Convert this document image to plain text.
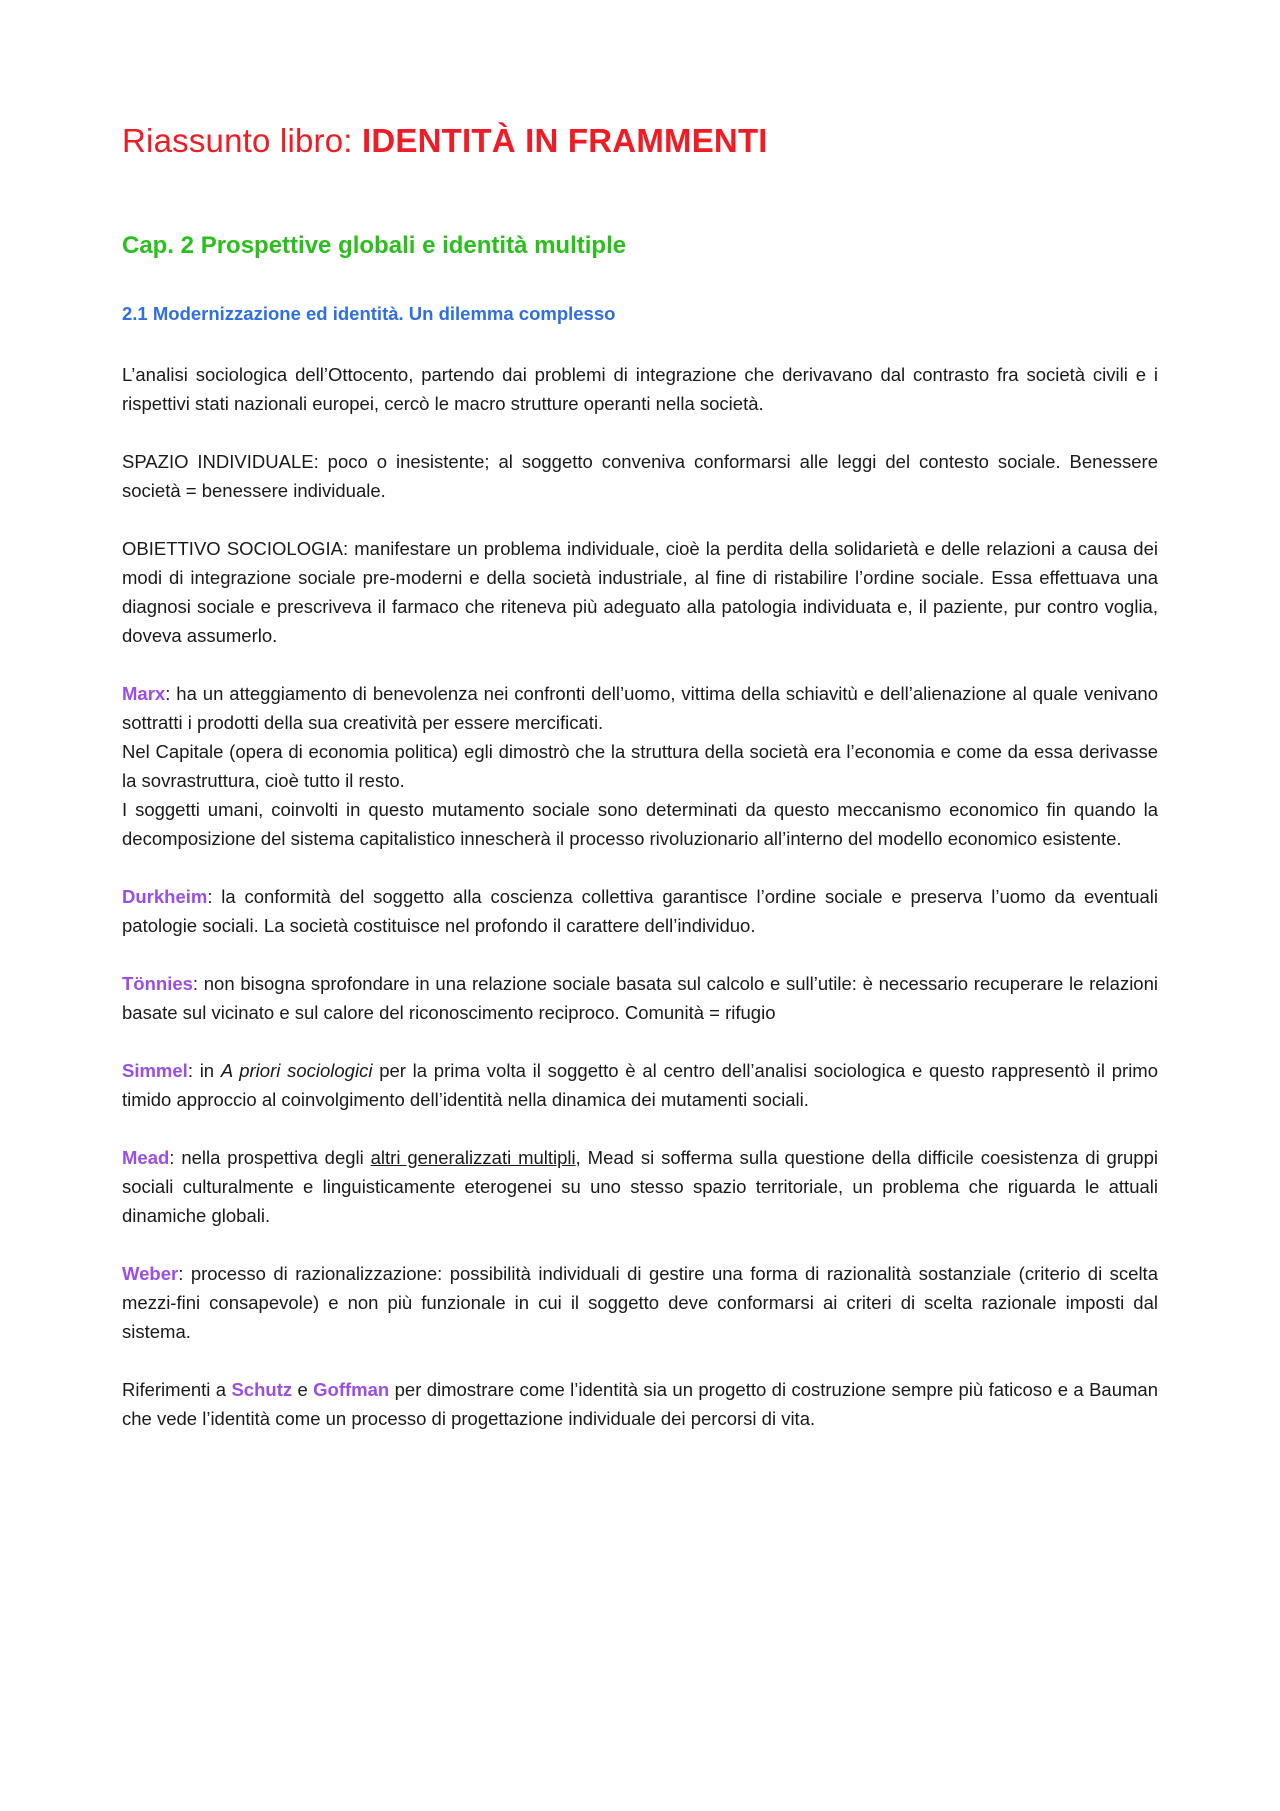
Riassunto libro: IDENTITÀ IN FRAMMENTI
Cap. 2 Prospettive globali e identità multiple
2.1 Modernizzazione ed identità. Un dilemma complesso

L’analisi sociologica dell’Ottocento, partendo dai problemi di integrazione che derivavano dal contrasto fra società civili e i rispettivi stati nazionali europei, cercò le macro strutture operanti nella società.

SPAZIO INDIVIDUALE: poco o inesistente; al soggetto conveniva conformarsi alle leggi del contesto sociale. Benessere società = benessere individuale.

OBIETTIVO SOCIOLOGIA: manifestare un problema individuale, cioè la perdita della solidarietà e delle relazioni a causa dei modi di integrazione sociale pre-moderni e della società industriale, al fine di ristabilire l’ordine sociale. Essa effettuava una diagnosi sociale e prescriveva il farmaco che riteneva più adeguato alla patologia individuata e, il paziente, pur contro voglia, doveva assumerlo.

Marx: ha un atteggiamento di benevolenza nei confronti dell’uomo, vittima della schiavitù e dell’alienazione al quale venivano sottratti i prodotti della sua creatività per essere mercificati.

Nel Capitale (opera di economia politica) egli dimostrò che la struttura della società era l’economia e come da essa derivasse la sovrastruttura, cioè tutto il resto.

I soggetti umani, coinvolti in questo mutamento sociale sono determinati da questo meccanismo economico fin quando la decomposizione del sistema capitalistico innescherà il processo rivoluzionario all’interno del modello economico esistente.

Durkheim: la conformità del soggetto alla coscienza collettiva garantisce l’ordine sociale e preserva l’uomo da eventuali patologie sociali. La società costituisce nel profondo il carattere dell’individuo.

Tönnies: non bisogna sprofondare in una relazione sociale basata sul calcolo e sull’utile: è necessario recuperare le relazioni basate sul vicinato e sul calore del riconoscimento reciproco. Comunità = rifugio

Simmel: in A priori sociologici per la prima volta il soggetto è al centro dell’analisi sociologica e questo rappresentò il primo timido approccio al coinvolgimento dell’identità nella dinamica dei mutamenti sociali.

Mead: nella prospettiva degli altri generalizzati multipli, Mead si sofferma sulla questione della difficile coesistenza di gruppi sociali culturalmente e linguisticamente eterogenei su uno stesso spazio territoriale, un problema che riguarda le attuali dinamiche globali.

Weber: processo di razionalizzazione: possibilità individuali di gestire una forma di razionalità sostanziale (criterio di scelta mezzi-fini consapevole) e non più funzionale in cui il soggetto deve conformarsi ai criteri di scelta razionale imposti dal sistema.

Riferimenti a Schutz e Goffman per dimostrare come l’identità sia un progetto di costruzione sempre più faticoso e a Bauman che vede l’identità come un processo di progettazione individuale dei percorsi di vita.
